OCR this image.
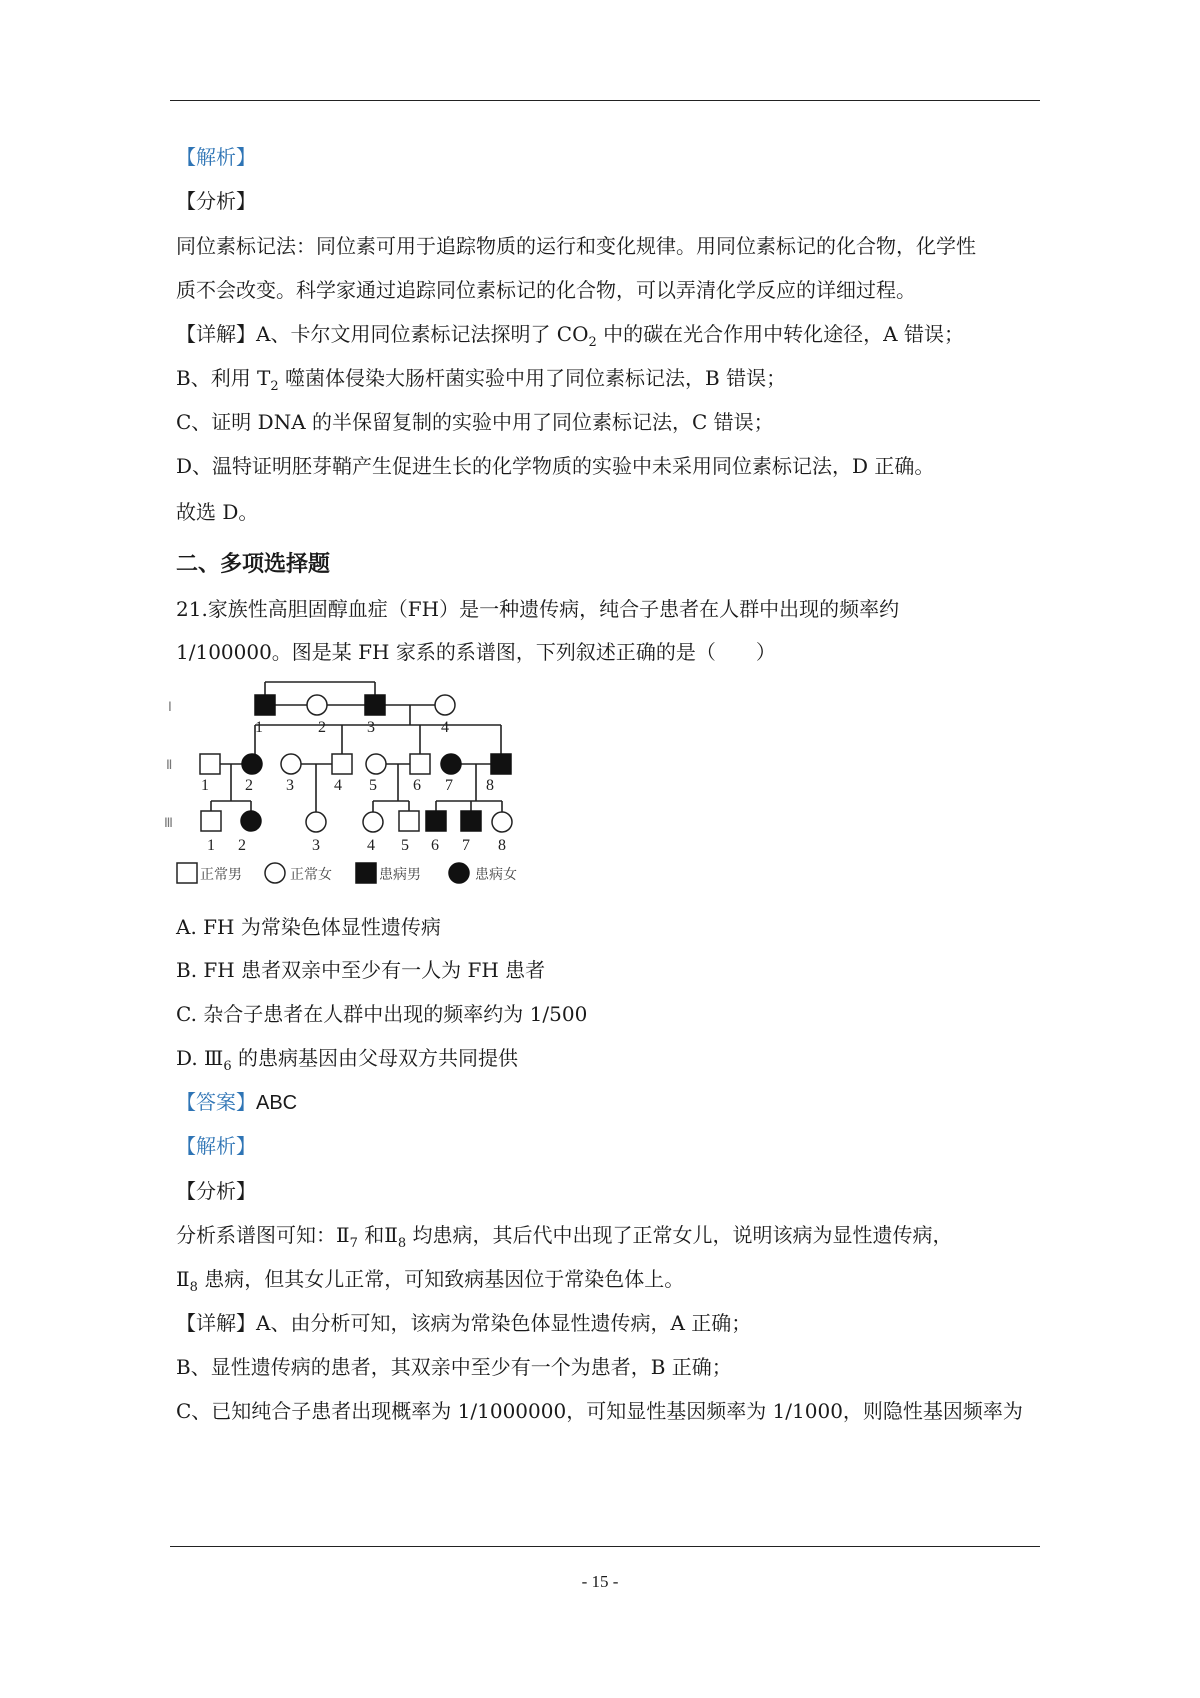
【解析】
【分析】
同位素标记法：同位素可用于追踪物质的运行和变化规律。用同位素标记的化合物，化学性
质不会改变。科学家通过追踪同位素标记的化合物，可以弄清化学反应的详细过程。
【详解】A、卡尔文用同位素标记法探明了 $CO_2$ 中的碳在光合作用中转化途径，A 错误；
B、利用 $T_2$ 噬菌体侵染大肠杆菌实验中用了同位素标记法，B 错误；
C、证明 DNA 的半保留复制的实验中用了同位素标记法，C 错误；
D、温特证明胚芽鞘产生促进生长的化学物质的实验中未采用同位素标记法，D 正确。
故选 D。
二、多项选择题
21.家族性高胆固醇血症（FH）是一种遗传病，纯合子患者在人群中出现的频率约
1/100000。图是某 FH 家系的系谱图，下列叙述正确的是（　　）
Ⅰ
Ⅱ
Ⅲ
1	2	3	4
1 2 3	4 5 6 7 8
1 2	3	4 5 6 7 8
正常男	正常女	患病男	患病女
A. FH 为常染色体显性遗传病
B. FH 患者双亲中至少有一人为 FH 患者
C. 杂合子患者在人群中出现的频率约为 1/500
D. $Ⅲ_6$ 的患病基因由父母双方共同提供
【答案】ABC
【解析】
【分析】
分析系谱图可知：$Ⅱ_7$ 和$Ⅱ_8$ 均患病，其后代中出现了正常女儿，说明该病为显性遗传病，
$Ⅱ_8$ 患病，但其女儿正常，可知致病基因位于常染色体上。
【详解】A、由分析可知，该病为常染色体显性遗传病，A 正确；
B、显性遗传病的患者，其双亲中至少有一个为患者，B 正确；
C、已知纯合子患者出现概率为 1/1000000，可知显性基因频率为 1/1000，则隐性基因频率为
- 15 -
